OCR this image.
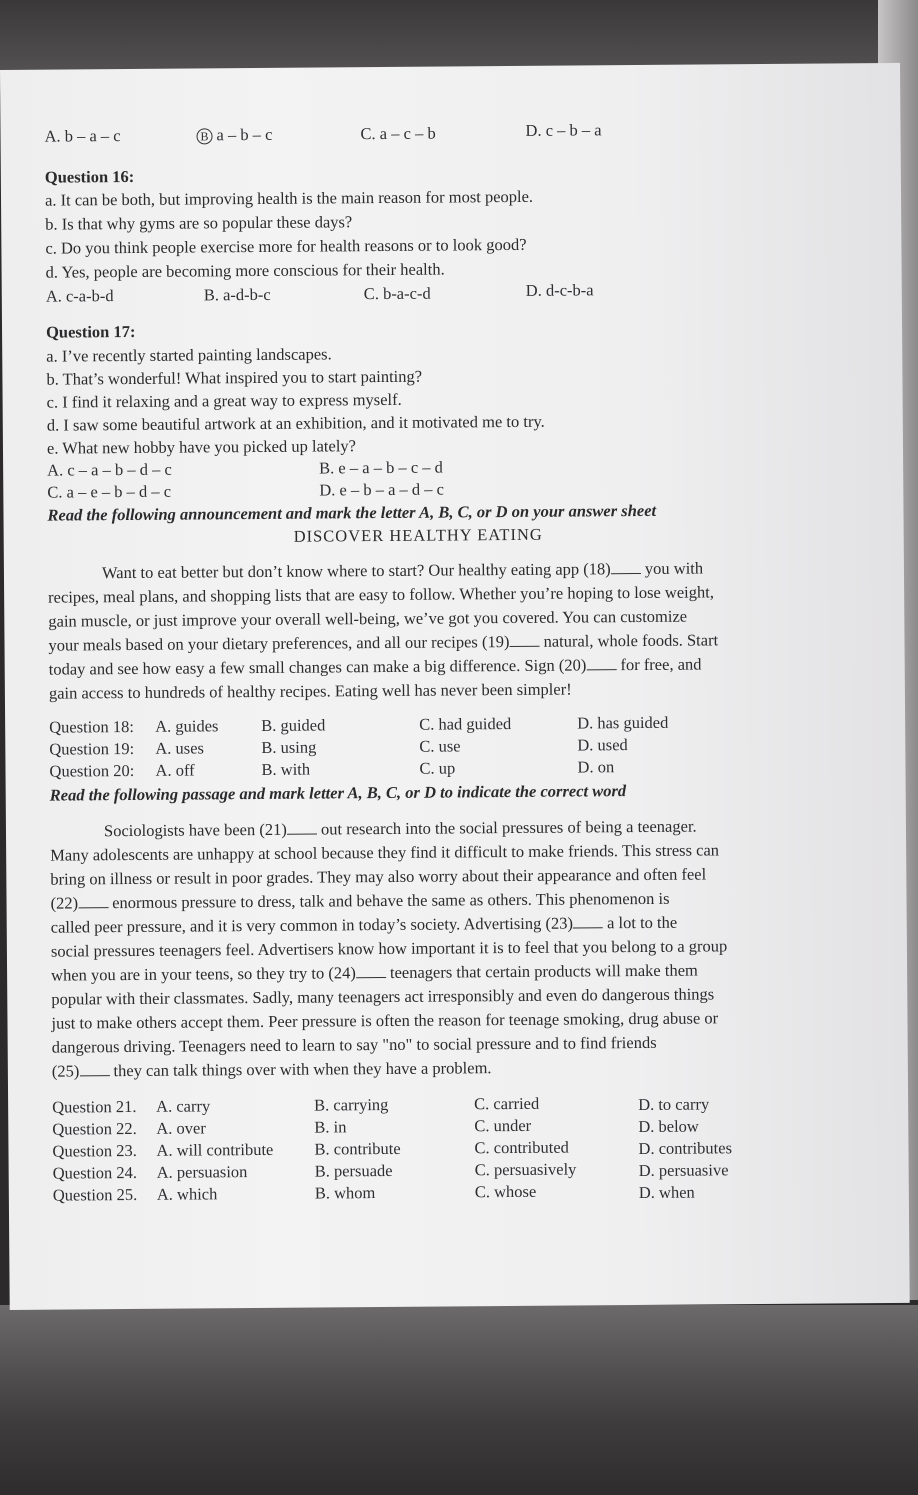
A. b – a – c	B a – b – c	C. a – c – b	D. c – b – a
Question 16:
a. It can be both, but improving health is the main reason for most people.
b. Is that why gyms are so popular these days?
c. Do you think people exercise more for health reasons or to look good?
d. Yes, people are becoming more conscious for their health.
A. c-a-b-d	B. a-d-b-c	C. b-a-c-d	D. d-c-b-a
Question 17:
a. I’ve recently started painting landscapes.
b. That’s wonderful! What inspired you to start painting?
c. I find it relaxing and a great way to express myself.
d. I saw some beautiful artwork at an exhibition, and it motivated me to try.
e. What new hobby have you picked up lately?
A. c – a – b – d – c	B. e – a – b – c – d
C. a – e – b – d – c	D. e – b – a – d – c
Read the following announcement and mark the letter A, B, C, or D on your answer sheet
DISCOVER HEALTHY EATING
Want to eat better but don’t know where to start? Our healthy eating app (18) you with
recipes, meal plans, and shopping lists that are easy to follow. Whether you’re hoping to lose weight,
gain muscle, or just improve your overall well-being, we’ve got you covered. You can customize
your meals based on your dietary preferences, and all our recipes (19) natural, whole foods. Start
today and see how easy a few small changes can make a big difference. Sign (20) for free, and
gain access to hundreds of healthy recipes. Eating well has never been simpler!
Question 18: A. guides	B. guided	C. had guided	D. has guided
Question 19: A. uses	B. using	C. use	D. used
Question 20: A. off	B. with	C. up	D. on
Read the following passage and mark letter A, B, C, or D to indicate the correct word
Sociologists have been (21) out research into the social pressures of being a teenager.
Many adolescents are unhappy at school because they find it difficult to make friends. This stress can
bring on illness or result in poor grades. They may also worry about their appearance and often feel
(22) enormous pressure to dress, talk and behave the same as others. This phenomenon is
called peer pressure, and it is very common in today’s society. Advertising (23) a lot to the
social pressures teenagers feel. Advertisers know how important it is to feel that you belong to a group
when you are in your teens, so they try to (24) teenagers that certain products will make them
popular with their classmates. Sadly, many teenagers act irresponsibly and even do dangerous things
just to make others accept them. Peer pressure is often the reason for teenage smoking, drug abuse or
dangerous driving. Teenagers need to learn to say "no" to social pressure and to find friends
(25) they can talk things over with when they have a problem.
Question 21. A. carry	B. carrying	C. carried	D. to carry
Question 22. A. over	B. in	C. under	D. below
Question 23. A. will contribute B. contribute	C. contributed	D. contributes
Question 24. A. persuasion	B. persuade	C. persuasively	D. persuasive
Question 25. A. which	B. whom	C. whose	D. when
